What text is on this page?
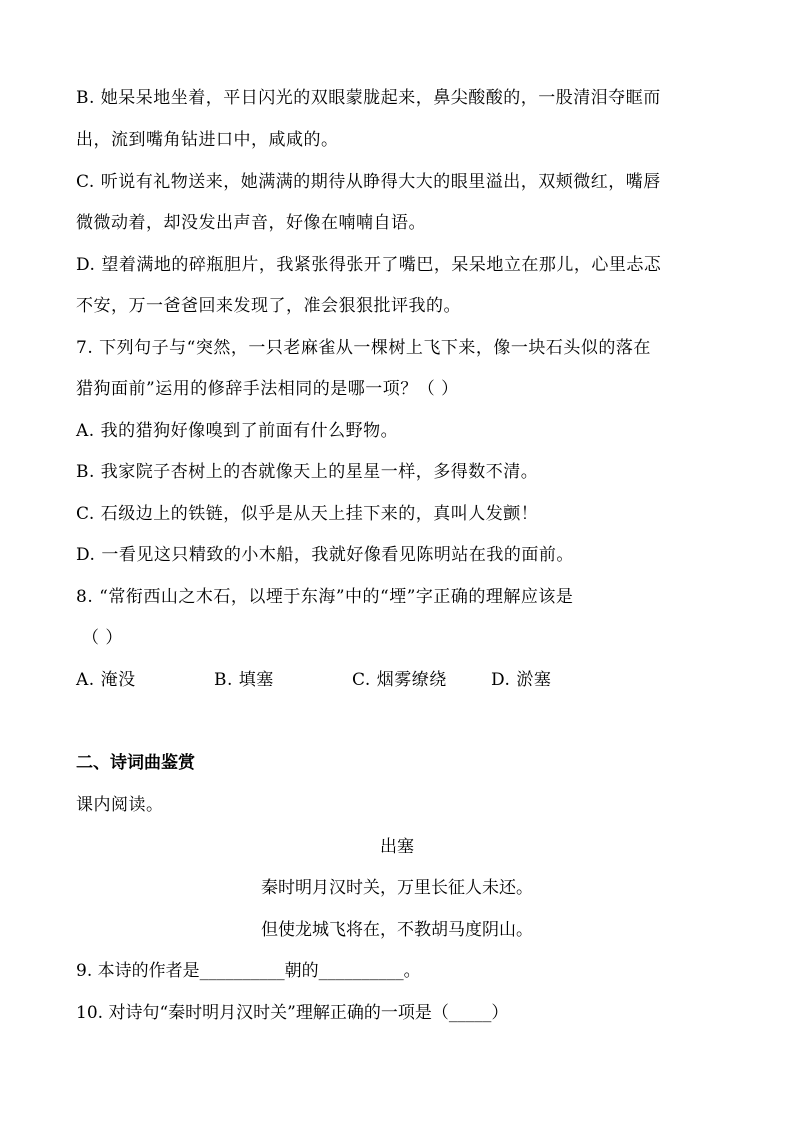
B. 她呆呆地坐着，平日闪光的双眼蒙胧起来，鼻尖酸酸的，一股清泪夺眶而
出，流到嘴角钻进口中，咸咸的。
C. 听说有礼物送来，她满满的期待从睁得大大的眼里溢出，双颊微红，嘴唇
微微动着，却没发出声音，好像在喃喃自语。
D. 望着满地的碎瓶胆片，我紧张得张开了嘴巴，呆呆地立在那儿，心里忐忑
不安，万一爸爸回来发现了，准会狠狠批评我的。
7. 下列句子与“突然，一只老麻雀从一棵树上飞下来，像一块石头似的落在
猎狗面前”运用的修辞手法相同的是哪一项？（ ）
A. 我的猎狗好像嗅到了前面有什么野物。
B. 我家院子杏树上的杏就像天上的星星一样，多得数不清。
C. 石级边上的铁链，似乎是从天上挂下来的，真叫人发颤！
D. 一看见这只精致的小木船，我就好像看见陈明站在我的面前。
8. “常衔西山之木石，以堙于东海”中的“堙”字正确的理解应该是
（ ）
A. 淹没	B. 填塞	C. 烟雾缭绕	D. 淤塞
二、诗词曲鉴赏
课内阅读。
出塞
秦时明月汉时关，万里长征人未还。
但使龙城飞将在，不教胡马度阴山。
9. 本诗的作者是__________朝的__________。
10. 对诗句“秦时明月汉时关”理解正确的一项是（_____）
